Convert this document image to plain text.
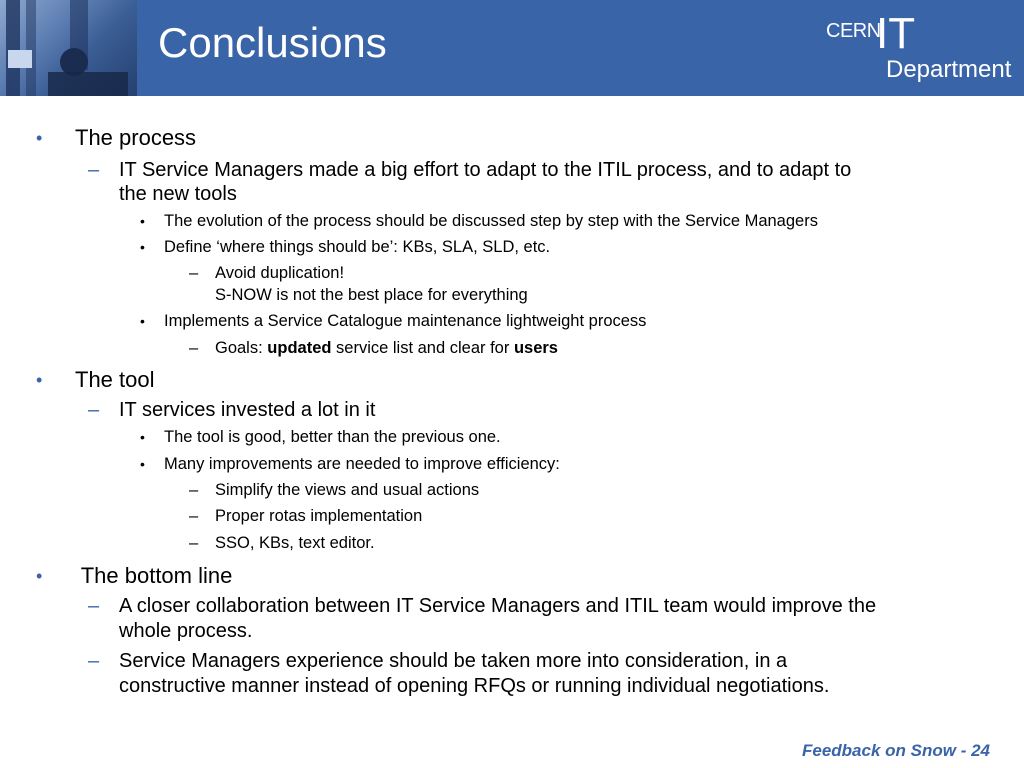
Conclusions	CERN
IT
Department
• The process
– IT Service Managers made a big effort to adapt to the ITIL process, and to adapt to
the new tools
• The evolution of the process should be discussed step by step with the Service Managers
• Define ‘where things should be’: KBs, SLA, SLD, etc.
– Avoid duplication!
S-NOW is not the best place for everything
• Implements a Service Catalogue maintenance lightweight process
– Goals: updated service list and clear for users
• The tool
– IT services invested a lot in it
• The tool is good, better than the previous one.
• Many improvements are needed to improve efficiency:
– Simplify the views and usual actions
– Proper rotas implementation
– SSO, KBs, text editor.
• The bottom line
– A closer collaboration between IT Service Managers and ITIL team would improve the
whole process.
– Service Managers experience should be taken more into consideration, in a
constructive manner instead of opening RFQs or running individual negotiations.
Feedback on Snow - 24
